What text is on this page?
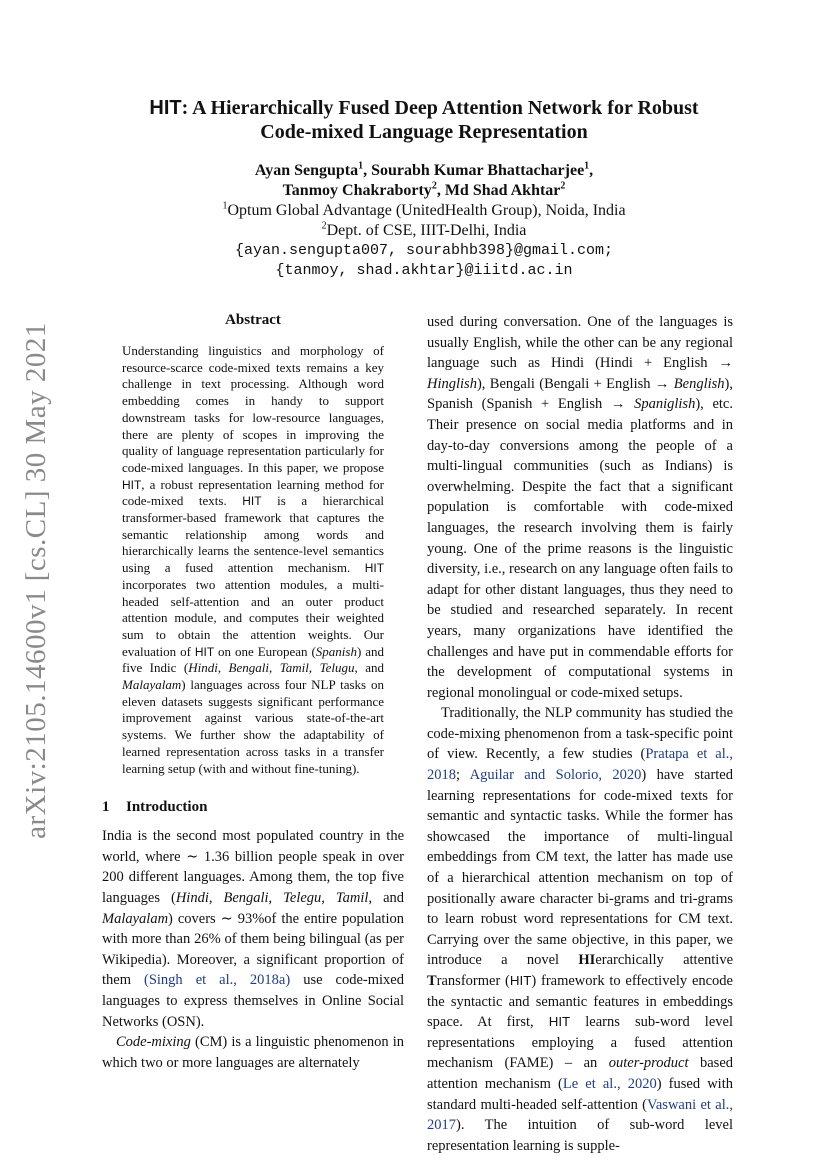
arXiv:2105.14600v1 [cs.CL] 30 May 2021
HIT: A Hierarchically Fused Deep Attention Network for Robust
Code-mixed Language Representation
Ayan Sengupta$^1$, Sourabh Kumar Bhattacharjee$^1$,
Tanmoy Chakraborty$^2$, Md Shad Akhtar$^2$
$^1$Optum Global Advantage (UnitedHealth Group), Noida, India
$^2$Dept. of CSE, IIIT-Delhi, India
{ayan.sengupta007, sourabhb398}@gmail.com;
{tanmoy, shad.akhtar}@iiitd.ac.in
Abstract

Understanding linguistics and morphology of resource-scarce code-mixed texts remains a key challenge in text processing. Although word embedding comes in handy to support downstream tasks for low-resource languages, there are plenty of scopes in improving the quality of language representation particularly for code-mixed languages. In this paper, we propose HIT, a robust representation learning method for code-mixed texts. HIT is a hierarchical transformer-based framework that captures the semantic relationship among words and hierarchically learns the sentence-level semantics using a fused attention mechanism. HIT incorporates two attention modules, a multi-headed self-attention and an outer product attention module, and computes their weighted sum to obtain the attention weights. Our evaluation of HIT on one European (Spanish) and five Indic (Hindi, Bengali, Tamil, Telugu, and Malayalam) languages across four NLP tasks on eleven datasets suggests significant performance improvement against various state-of-the-art systems. We further show the adaptability of learned representation across tasks in a transfer learning setup (with and without fine-tuning).

1 Introduction

India is the second most populated country in the world, where ∼ 1.36 billion people speak in over 200 different languages. Among them, the top five languages (Hindi, Bengali, Telegu, Tamil, and Malayalam) covers ∼ 93%of the entire population with more than 26% of them being bilingual (as per Wikipedia). Moreover, a significant proportion of them (Singh et al., 2018a) use code-mixed languages to express themselves in Online Social Networks (OSN).

Code-mixing (CM) is a linguistic phenomenon in which two or more languages are alternately

used during conversation. One of the languages is usually English, while the other can be any regional language such as Hindi (Hindi + English → Hinglish), Bengali (Bengali + English → Benglish), Spanish (Spanish + English → Spaniglish), etc. Their presence on social media platforms and in day-to-day conversions among the people of a multi-lingual communities (such as Indians) is overwhelming. Despite the fact that a significant population is comfortable with code-mixed languages, the research involving them is fairly young. One of the prime reasons is the linguistic diversity, i.e., research on any language often fails to adapt for other distant languages, thus they need to be studied and researched separately. In recent years, many organizations have identified the challenges and have put in commendable efforts for the development of computational systems in regional monolingual or code-mixed setups.

Traditionally, the NLP community has studied the code-mixing phenomenon from a task-specific point of view. Recently, a few studies (Pratapa et al., 2018; Aguilar and Solorio, 2020) have started learning representations for code-mixed texts for semantic and syntactic tasks. While the former has showcased the importance of multi-lingual embeddings from CM text, the latter has made use of a hierarchical attention mechanism on top of positionally aware character bi-grams and tri-grams to learn robust word representations for CM text. Carrying over the same objective, in this paper, we introduce a novel HIerarchically attentive Transformer (HIT) framework to effectively encode the syntactic and semantic features in embeddings space. At first, HIT learns sub-word level representations employing a fused attention mechanism (FAME) – an outer-product based attention mechanism (Le et al., 2020) fused with standard multi-headed self-attention (Vaswani et al., 2017). The intuition of sub-word level representation learning is supple-
